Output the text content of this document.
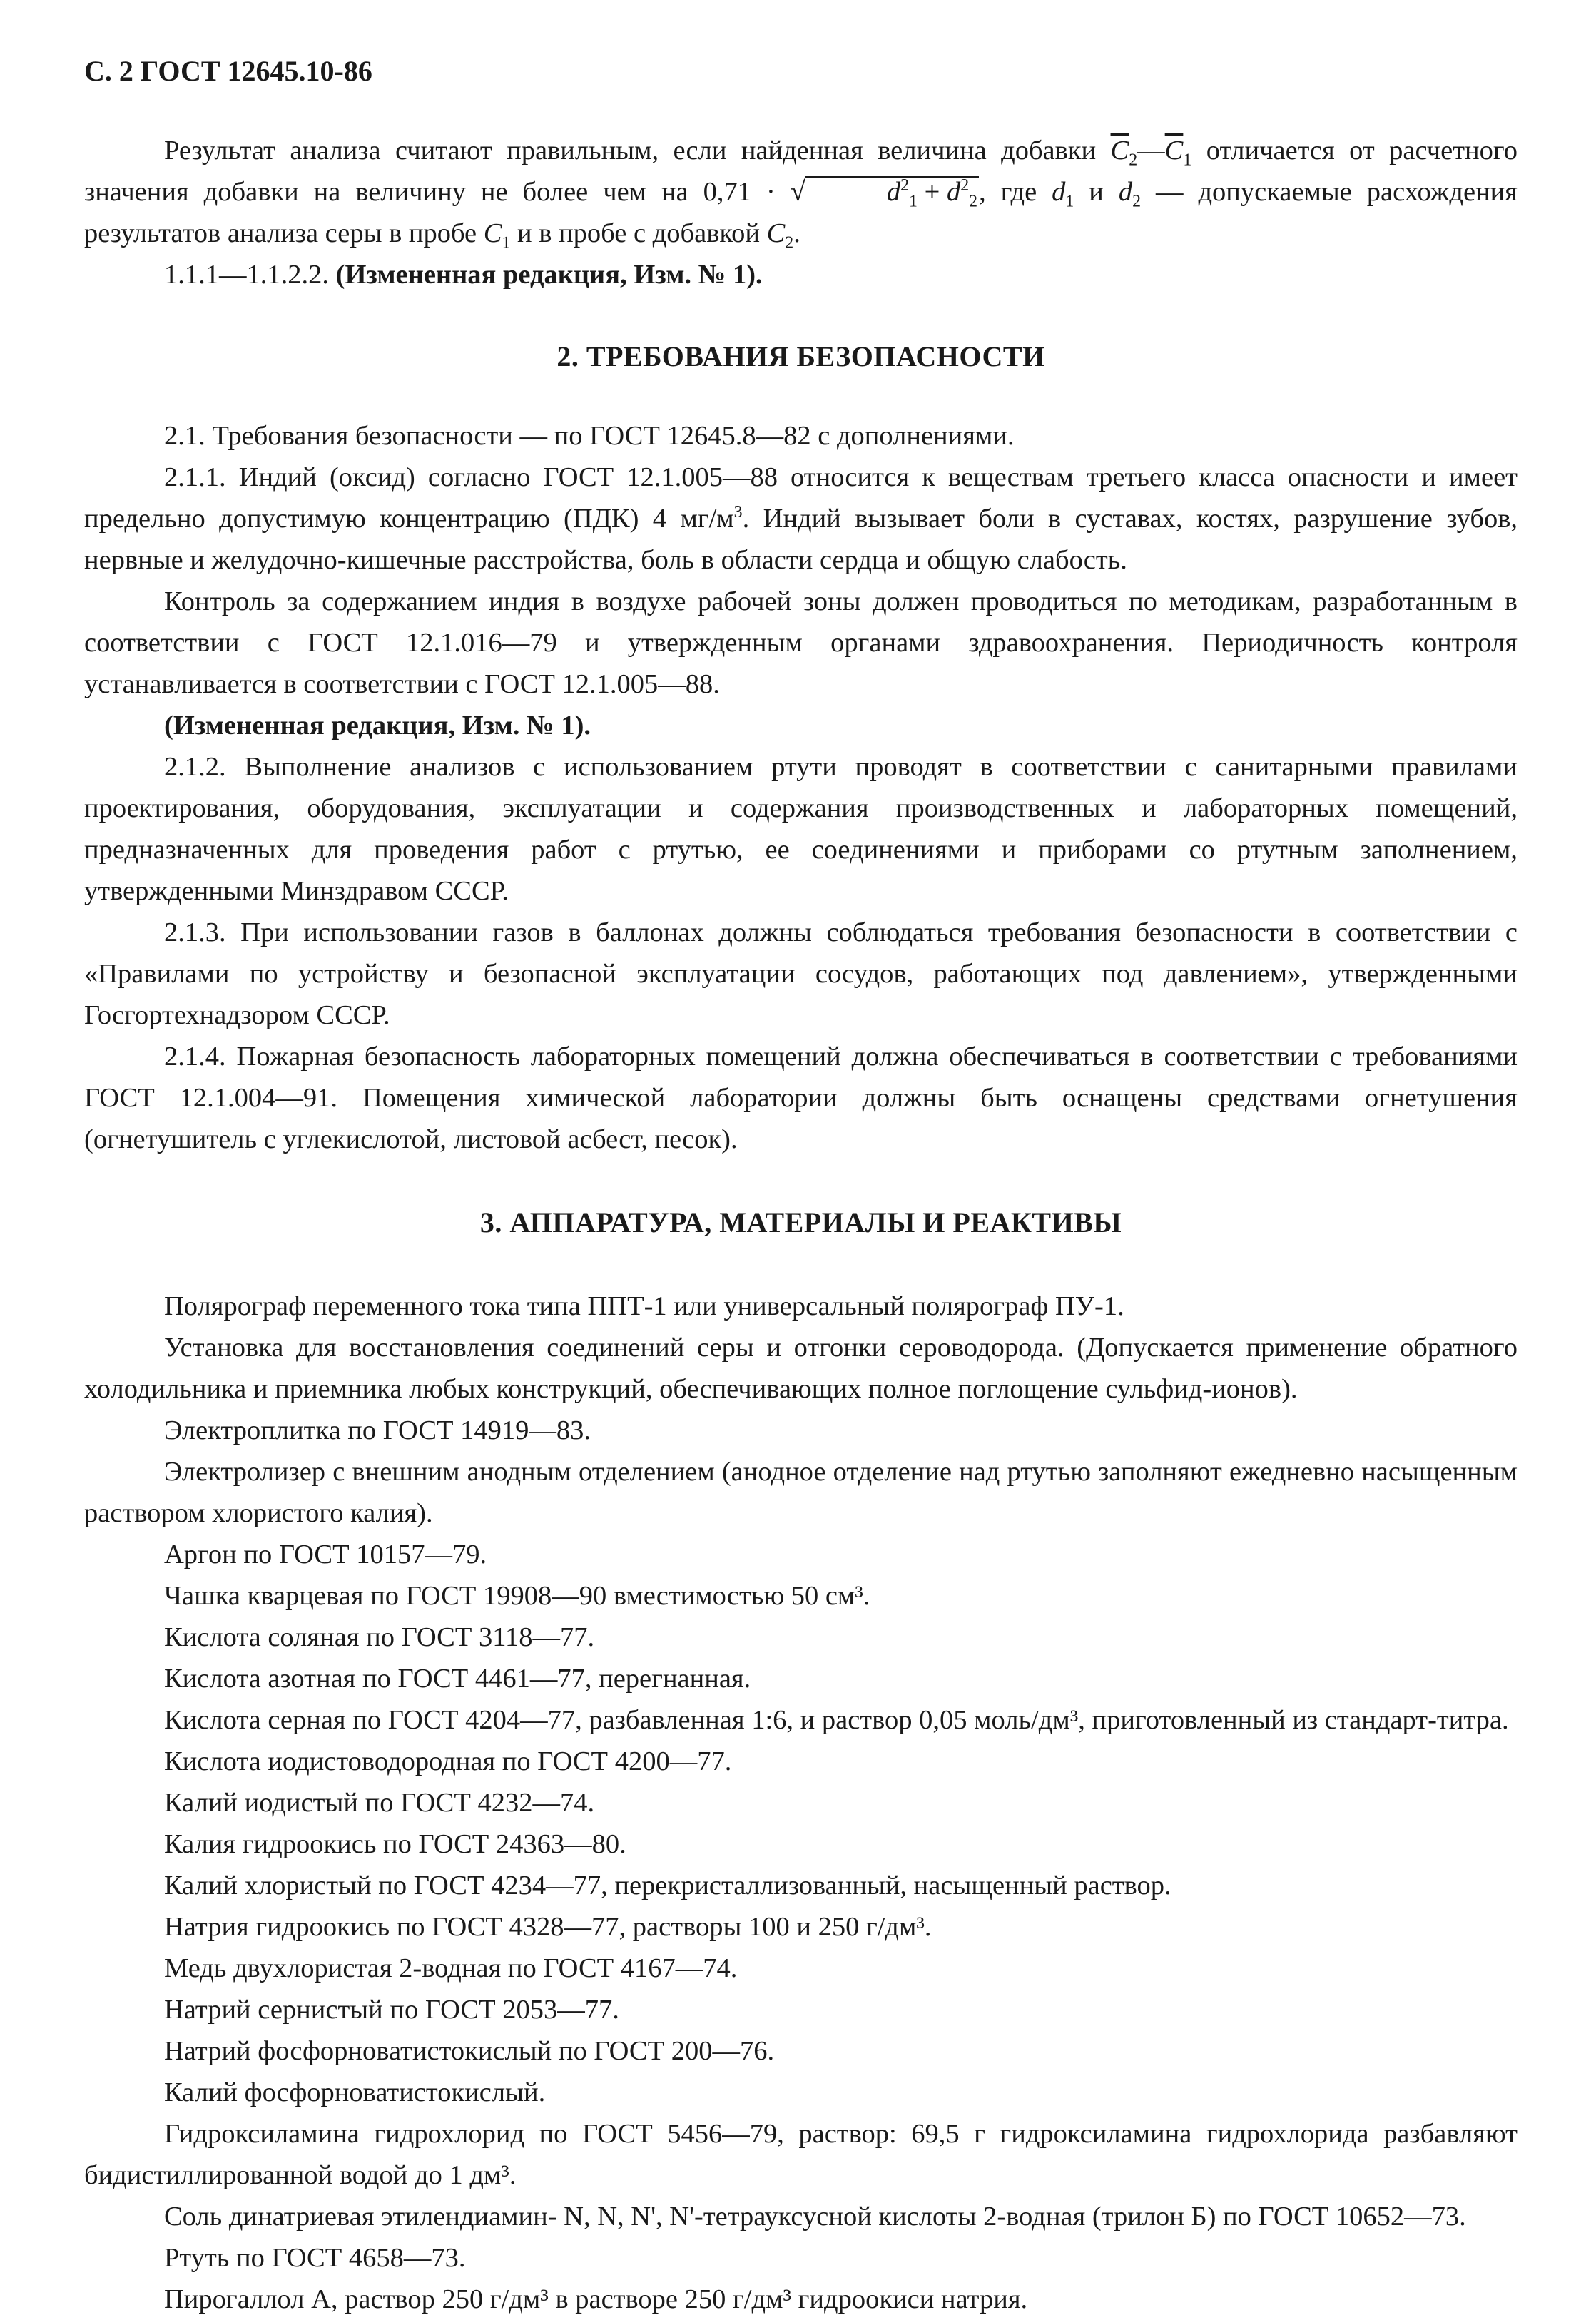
С. 2 ГОСТ 12645.10-86

Результат анализа считают правильным, если найденная величина добавки $\overline{C}_2—\overline{C}_1$ отличается от расчетного значения добавки на величину не более чем на 0,71 · √	$d^2_1 + d^2_2$, где $d_1$ и $d_2$ — допускаемые расхождения результатов анализа серы в пробе $C_1$ и в пробе с добавкой $C_2$.

1.1.1—1.1.2.2. (Измененная редакция, Изм. № 1).

2. ТРЕБОВАНИЯ БЕЗОПАСНОСТИ

2.1. Требования безопасности — по ГОСТ 12645.8—82 с дополнениями.

2.1.1. Индий (оксид) согласно ГОСТ 12.1.005—88 относится к веществам третьего класса опасности и имеет предельно допустимую концентрацию (ПДК) 4 $мг/м^3$. Индий вызывает боли в суставах, костях, разрушение зубов, нервные и желудочно-кишечные расстройства, боль в области сердца и общую слабость.

Контроль за содержанием индия в воздухе рабочей зоны должен проводиться по методикам, разработанным в соответствии с ГОСТ 12.1.016—79 и утвержденным органами здравоохранения. Периодичность контроля устанавливается в соответствии с ГОСТ 12.1.005—88.

(Измененная редакция, Изм. № 1).

2.1.2. Выполнение анализов с использованием ртути проводят в соответствии с санитарными правилами проектирования, оборудования, эксплуатации и содержания производственных и лабораторных помещений, предназначенных для проведения работ с ртутью, ее соединениями и приборами со ртутным заполнением, утвержденными Минздравом СССР.

2.1.3. При использовании газов в баллонах должны соблюдаться требования безопасности в соответствии с «Правилами по устройству и безопасной эксплуатации сосудов, работающих под давлением», утвержденными Госгортехнадзором СССР.

2.1.4. Пожарная безопасность лабораторных помещений должна обеспечиваться в соответствии с требованиями ГОСТ 12.1.004—91. Помещения химической лаборатории должны быть оснащены средствами огнетушения (огнетушитель с углекислотой, листовой асбест, песок).

3. АППАРАТУРА, МАТЕРИАЛЫ И РЕАКТИВЫ

Полярограф переменного тока типа ППТ-1 или универсальный полярограф ПУ-1.

Установка для восстановления соединений серы и отгонки сероводорода. (Допускается применение обратного холодильника и приемника любых конструкций, обеспечивающих полное поглощение сульфид-ионов).

Электроплитка по ГОСТ 14919—83.

Электролизер с внешним анодным отделением (анодное отделение над ртутью заполняют ежедневно насыщенным раствором хлористого калия).

Аргон по ГОСТ 10157—79.

Чашка кварцевая по ГОСТ 19908—90 вместимостью 50 см³.

Кислота соляная по ГОСТ 3118—77.

Кислота азотная по ГОСТ 4461—77, перегнанная.

Кислота серная по ГОСТ 4204—77, разбавленная 1:6, и раствор 0,05 моль/дм³, приготовленный из стандарт-титра.

Кислота иодистоводородная по ГОСТ 4200—77.

Калий иодистый по ГОСТ 4232—74.

Калия гидроокись по ГОСТ 24363—80.

Калий хлористый по ГОСТ 4234—77, перекристаллизованный, насыщенный раствор.

Натрия гидроокись по ГОСТ 4328—77, растворы 100 и 250 г/дм³.

Медь двухлористая 2-водная по ГОСТ 4167—74.

Натрий сернистый по ГОСТ 2053—77.

Натрий фосфорноватистокислый по ГОСТ 200—76.

Калий фосфорноватистокислый.

Гидроксиламина гидрохлорид по ГОСТ 5456—79, раствор: 69,5 г гидроксиламина гидрохлорида разбавляют бидистиллированной водой до 1 дм³.

Соль динатриевая этилендиамин- N, N, N', N'-тетрауксусной кислоты 2-водная (трилон Б) по ГОСТ 10652—73.

Ртуть по ГОСТ 4658—73.

Пирогаллол А, раствор 250 г/дм³ в растворе 250 г/дм³ гидроокиси натрия.
